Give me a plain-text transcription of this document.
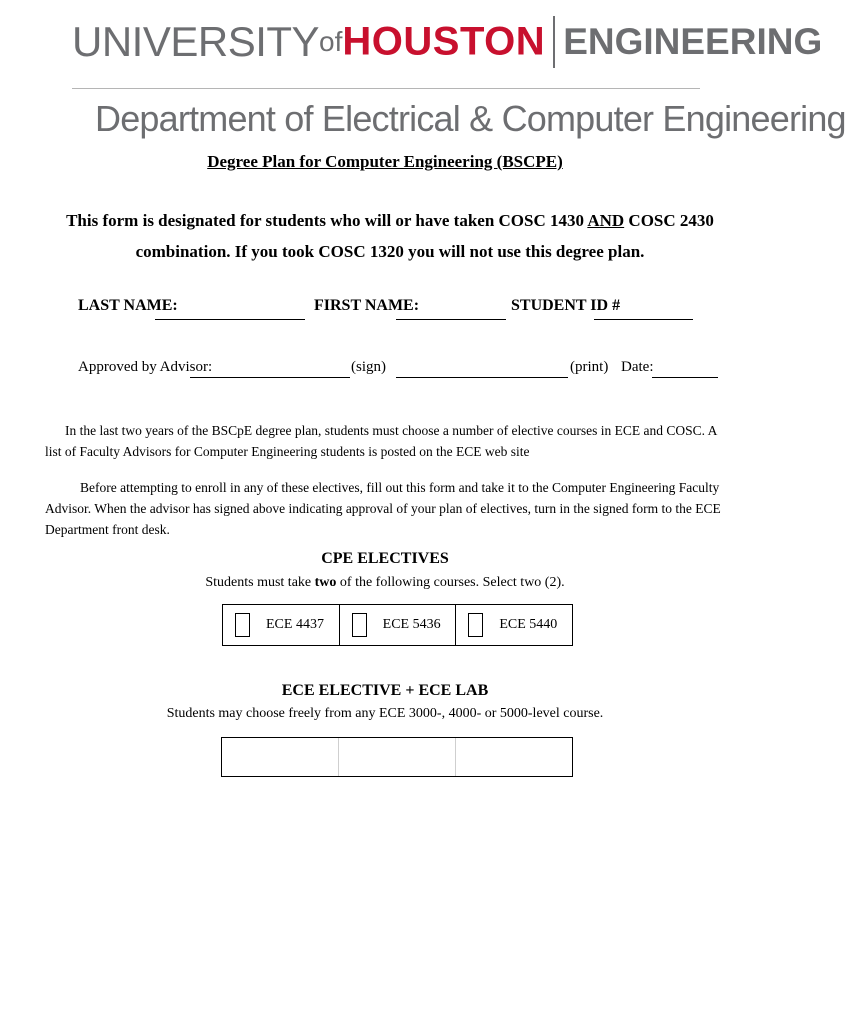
UNIVERSITYofHOUSTON ENGINEERING
Department of Electrical & Computer Engineering
Degree Plan for Computer Engineering (BSCPE)
This form is designated for students who will or have taken COSC 1430 AND COSC 2430 combination. If you took COSC 1320 you will not use this degree plan.
LAST NAME:	FIRST NAME:	STUDENT ID #
Approved by Advisor:	(sign)	(print) Date:
In the last two years of the BSCpE degree plan, students must choose a number of elective courses in ECE and COSC. A list of Faculty Advisors for Computer Engineering students is posted on the ECE web site
Before attempting to enroll in any of these electives, fill out this form and take it to the Computer Engineering Faculty Advisor. When the advisor has signed above indicating approval of your plan of electives, turn in the signed form to the ECE Department front desk.
CPE ELECTIVES
Students must take two of the following courses. Select two (2).
ECE 4437	ECE 5436	ECE 5440
ECE ELECTIVE + ECE LAB
Students may choose freely from any ECE 3000-, 4000- or 5000-level course.
